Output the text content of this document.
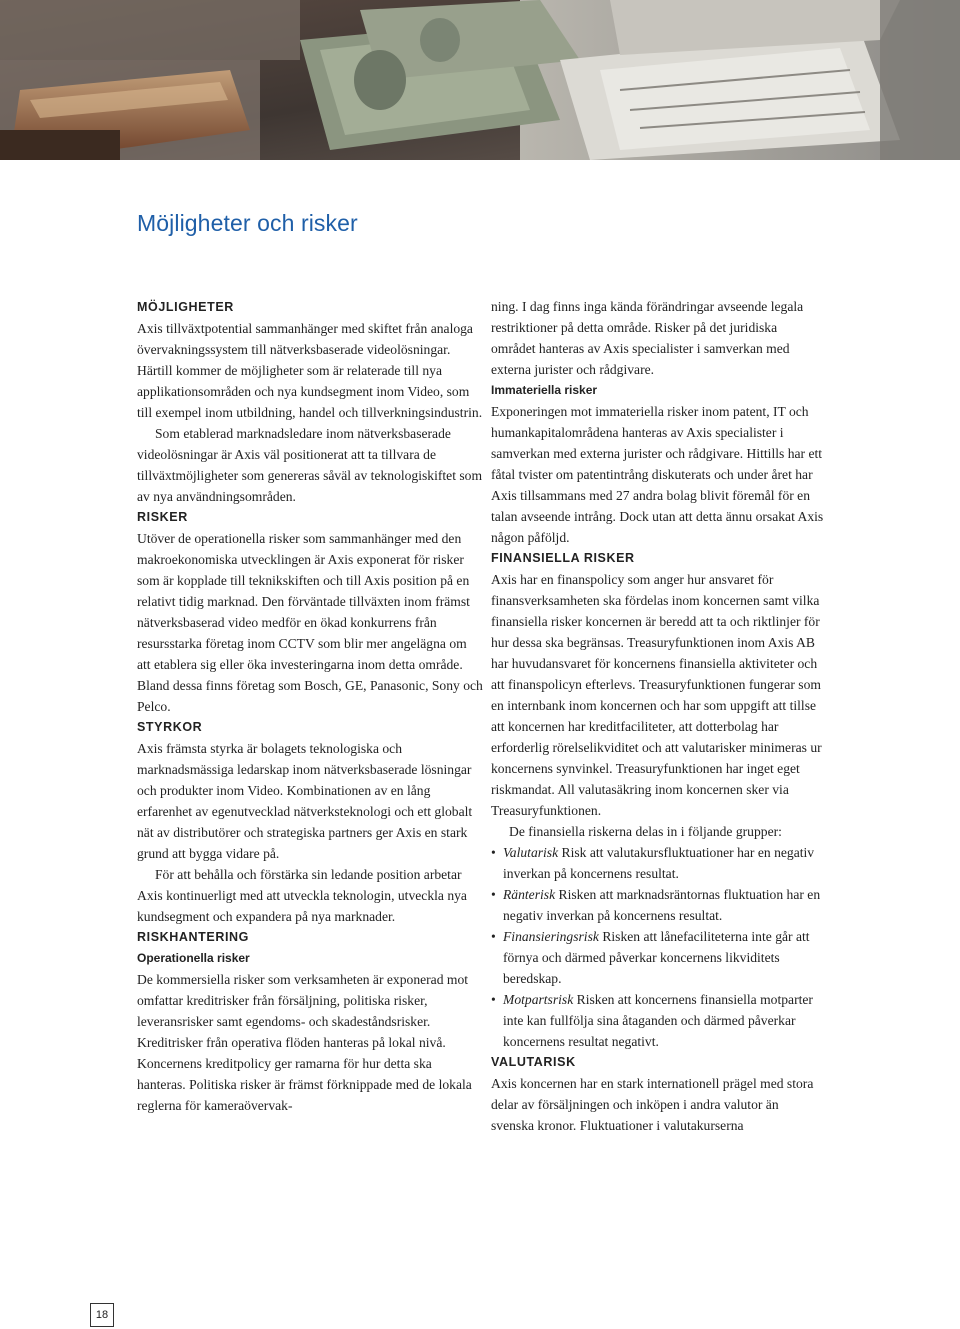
Möjligheter och risker

MÖJLIGHETER

Axis tillväxtpotential sammanhänger med skiftet från analoga övervakningssystem till nätverksbaserade videolösningar. Härtill kommer de möjligheter som är relaterade till nya applikationsområden och nya kundsegment inom Video, som till exempel inom utbildning, handel och tillverkningsindustrin.

Som etablerad marknadsledare inom nätverksbaserade videolösningar är Axis väl positionerat att ta tillvara de tillväxtmöjligheter som genereras såväl av teknologiskiftet som av nya användningsområden.

RISKER

Utöver de operationella risker som sammanhänger med den makroekonomiska utvecklingen är Axis exponerat för risker som är kopplade till teknikskiften och till Axis position på en relativt tidig marknad. Den förväntade tillväxten inom främst nätverksbaserad video medför en ökad konkurrens från resursstarka företag inom CCTV som blir mer angelägna om att etablera sig eller öka investeringarna inom detta område. Bland dessa finns företag som Bosch, GE, Panasonic, Sony och Pelco.

STYRKOR

Axis främsta styrka är bolagets teknologiska och marknadsmässiga ledarskap inom nätverksbaserade lösningar och produkter inom Video. Kombinationen av en lång erfarenhet av egenutvecklad nätverksteknologi och ett globalt nät av distributörer och strategiska partners ger Axis en stark grund att bygga vidare på.

För att behålla och förstärka sin ledande position arbetar Axis kontinuerligt med att utveckla teknologin, utveckla nya kundsegment och expandera på nya marknader.

RISKHANTERING

Operationella risker

De kommersiella risker som verksamheten är exponerad mot omfattar kreditrisker från försäljning, politiska risker, leveransrisker samt egendoms- och skadeståndsrisker. Kreditrisker från operativa flöden hanteras på lokal nivå. Koncernens kreditpolicy ger ramarna för hur detta ska hanteras. Politiska risker är främst förknippade med de lokala reglerna för kameraövervak-

ning. I dag finns inga kända förändringar avseende legala restriktioner på detta område. Risker på det juridiska området hanteras av Axis specialister i samverkan med externa jurister och rådgivare.

Immateriella risker

Exponeringen mot immateriella risker inom patent, IT och humankapitalområdena hanteras av Axis specialister i samverkan med externa jurister och rådgivare. Hittills har ett fåtal tvister om patentintrång diskuterats och under året har Axis tillsammans med 27 andra bolag blivit föremål för en talan avseende intrång. Dock utan att detta ännu orsakat Axis någon påföljd.

FINANSIELLA RISKER

Axis har en finanspolicy som anger hur ansvaret för finansverksamheten ska fördelas inom koncernen samt vilka finansiella risker koncernen är beredd att ta och riktlinjer för hur dessa ska begränsas. Treasuryfunktionen inom Axis AB har huvudansvaret för koncernens finansiella aktiviteter och att finanspolicyn efterlevs. Treasuryfunktionen fungerar som en internbank inom koncernen och har som uppgift att tillse att koncernen har kreditfaciliteter, att dotterbolag har erforderlig rörelselikviditet och att valutarisker minimeras ur koncernens synvinkel. Treasuryfunktionen har inget eget riskmandat. All valutasäkring inom koncernen sker via Treasuryfunktionen.

De finansiella riskerna delas in i följande grupper:

• Valutarisk Risk att valutakursfluktuationer har en negativ inverkan på koncernens resultat.
• Ränterisk Risken att marknadsräntornas fluktuation har en negativ inverkan på koncernens resultat.
• Finansieringsrisk Risken att lånefaciliteterna inte går att förnya och därmed påverkar koncernens likviditets beredskap.
• Motpartsrisk Risken att koncernens finansiella motparter inte kan fullfölja sina åtaganden och därmed påverkar koncernens resultat negativt.

VALUTARISK

Axis koncernen har en stark internationell prägel med stora delar av försäljningen och inköpen i andra valutor än svenska kronor. Fluktuationer i valutakurserna

18
